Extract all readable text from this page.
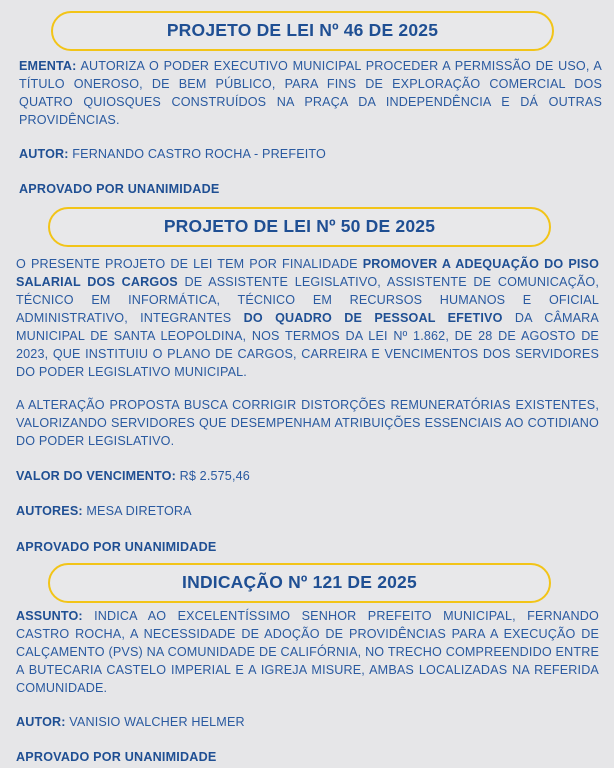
PROJETO DE LEI Nº 46 DE 2025
EMENTA: AUTORIZA O PODER EXECUTIVO MUNICIPAL PROCEDER A PERMISSÃO DE USO, A TÍTULO ONEROSO, DE BEM PÚBLICO, PARA FINS DE EXPLORAÇÃO COMERCIAL DOS QUATRO QUIOSQUES CONSTRUÍDOS NA PRAÇA DA INDEPENDÊNCIA E DÁ OUTRAS PROVIDÊNCIAS.
AUTOR: FERNANDO CASTRO ROCHA - PREFEITO
APROVADO POR UNANIMIDADE
PROJETO DE LEI Nº 50 DE 2025
O PRESENTE PROJETO DE LEI TEM POR FINALIDADE PROMOVER A ADEQUAÇÃO DO PISO SALARIAL DOS CARGOS DE ASSISTENTE LEGISLATIVO, ASSISTENTE DE COMUNICAÇÃO, TÉCNICO EM INFORMÁTICA, TÉCNICO EM RECURSOS HUMANOS E OFICIAL ADMINISTRATIVO, INTEGRANTES DO QUADRO DE PESSOAL EFETIVO DA CÂMARA MUNICIPAL DE SANTA LEOPOLDINA, NOS TERMOS DA LEI Nº 1.862, DE 28 DE AGOSTO DE 2023, QUE INSTITUIU O PLANO DE CARGOS, CARREIRA E VENCIMENTOS DOS SERVIDORES DO PODER LEGISLATIVO MUNICIPAL.
A ALTERAÇÃO PROPOSTA BUSCA CORRIGIR DISTORÇÕES REMUNERATÓRIAS EXISTENTES, VALORIZANDO SERVIDORES QUE DESEMPENHAM ATRIBUIÇÕES ESSENCIAIS AO COTIDIANO DO PODER LEGISLATIVO.
VALOR DO VENCIMENTO: R$ 2.575,46
AUTORES: MESA DIRETORA
APROVADO POR UNANIMIDADE
INDICAÇÃO Nº 121 DE 2025
ASSUNTO: INDICA AO EXCELENTÍSSIMO SENHOR PREFEITO MUNICIPAL, FERNANDO CASTRO ROCHA, A NECESSIDADE DE ADOÇÃO DE PROVIDÊNCIAS PARA A EXECUÇÃO DE CALÇAMENTO (PVS) NA COMUNIDADE DE CALIFÓRNIA, NO TRECHO COMPREENDIDO ENTRE A BUTECARIA CASTELO IMPERIAL E A IGREJA MISURE, AMBAS LOCALIZADAS NA REFERIDA COMUNIDADE.
AUTOR: VANISIO WALCHER HELMER
APROVADO POR UNANIMIDADE
